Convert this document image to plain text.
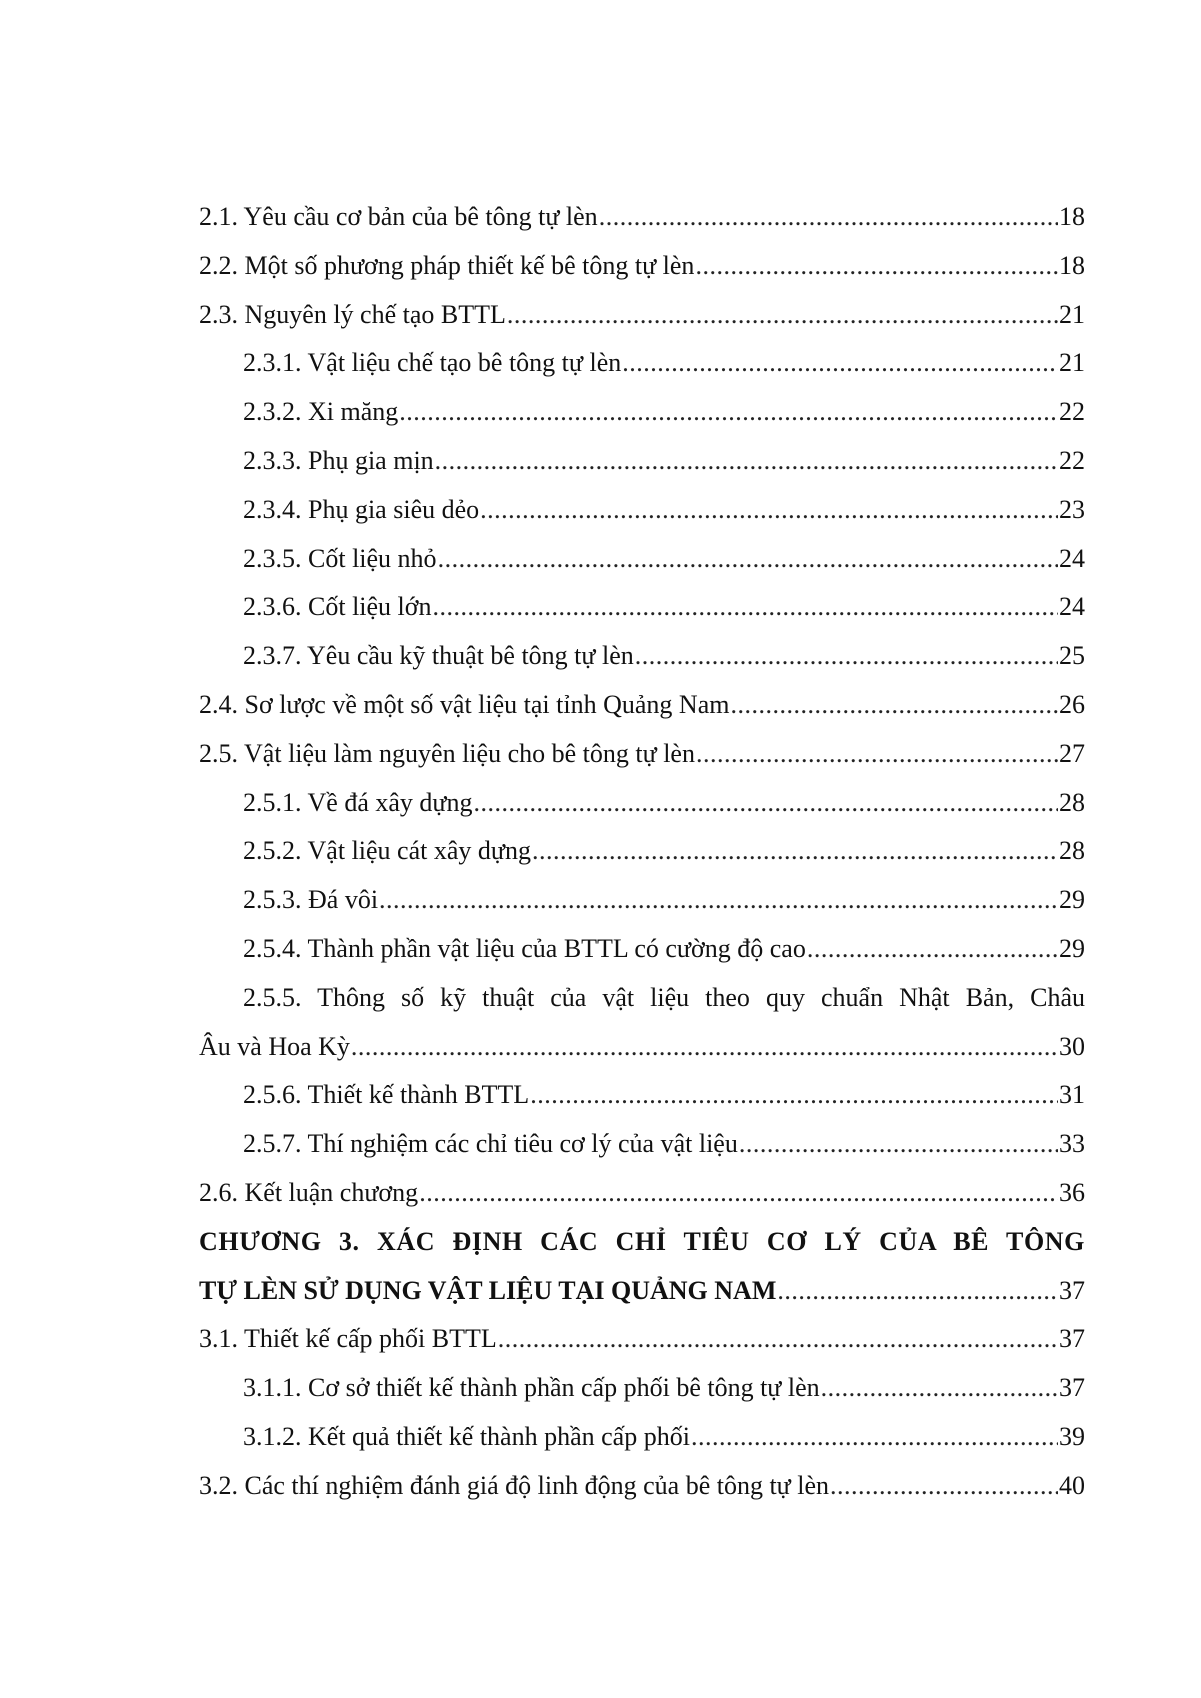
2.1. Yêu cầu cơ bản của bê tông tự lèn .....	18
2.2. Một số phương pháp thiết kế bê tông tự lèn .....	18
2.3. Nguyên lý chế tạo BTTL .....	21
2.3.1. Vật liệu chế tạo bê tông tự lèn .....	21
2.3.2. Xi măng .....	22
2.3.3. Phụ gia mịn .....	22
2.3.4. Phụ gia siêu dẻo .....	23
2.3.5. Cốt liệu nhỏ .....	24
2.3.6. Cốt liệu lớn .....	24
2.3.7. Yêu cầu kỹ thuật bê tông tự lèn .....	25
2.4. Sơ lược về một số vật liệu tại tỉnh Quảng Nam .....	26
2.5. Vật liệu làm nguyên liệu cho bê tông tự lèn .....	27
2.5.1. Về đá xây dựng .....	28
2.5.2. Vật liệu cát xây dựng .....	28
2.5.3. Đá vôi .....	29
2.5.4. Thành phần vật liệu của BTTL có cường độ cao .....	29
2.5.5. Thông số kỹ thuật của vật liệu theo quy chuẩn Nhật Bản, Châu
Âu và Hoa Kỳ .....	30
2.5.6. Thiết kế thành BTTL .....	31
2.5.7. Thí nghiệm các chỉ tiêu cơ lý của vật liệu .....	33
2.6. Kết luận chương .....	36
CHƯƠNG 3. XÁC ĐỊNH CÁC CHỈ TIÊU CƠ LÝ CỦA BÊ TÔNG
TỰ LÈN SỬ DỤNG VẬT LIỆU TẠI QUẢNG NAM .....	37
3.1. Thiết kế cấp phối BTTL .....	37
3.1.1. Cơ sở thiết kế thành phần cấp phối bê tông tự lèn .....	37
3.1.2. Kết quả thiết kế thành phần cấp phối .....	39
3.2. Các thí nghiệm đánh giá độ linh động của bê tông tự lèn .....	40
